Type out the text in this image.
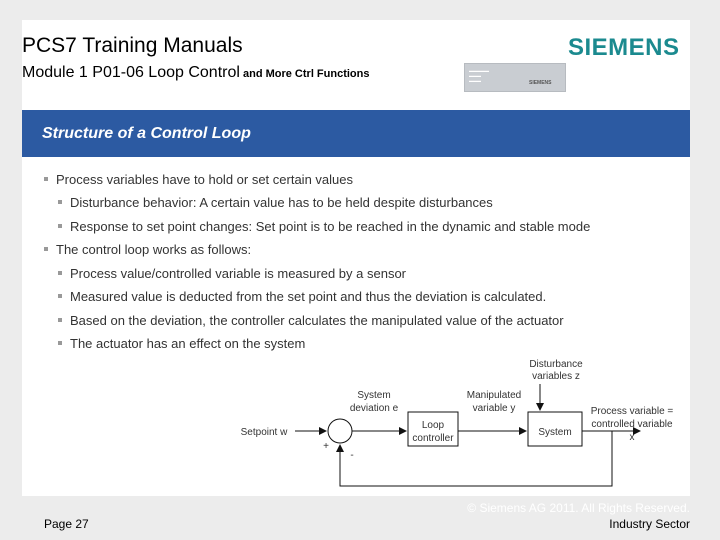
PCS7 Training Manuals
Module 1 P01-06 Loop Control and More Ctrl Functions	▬▬▬▬▬
▬▬▬
▬▬▬	SIEMENS
SIEMENS
Structure of a Control Loop
Process variables have to hold or set certain values
Disturbance behavior: A certain value has to be held despite disturbances
Response to set point changes: Set point is to be reached in the dynamic and stable mode
The control loop works as follows:
Process value/controlled variable is measured by a sensor
Measured value is deducted from the set point and thus the deviation is calculated.
Based on the deviation, the controller calculates the manipulated value of the actuator
The actuator has an effect on the system
Disturbance
variables z
System
deviation e
Manipulated
variable y	Process variable =
controlled variable
x
Setpoint w
Loop
controller
System
+
-
© Siemens AG 2011. All Rights Reserved.
Page 27	Industry Sector
